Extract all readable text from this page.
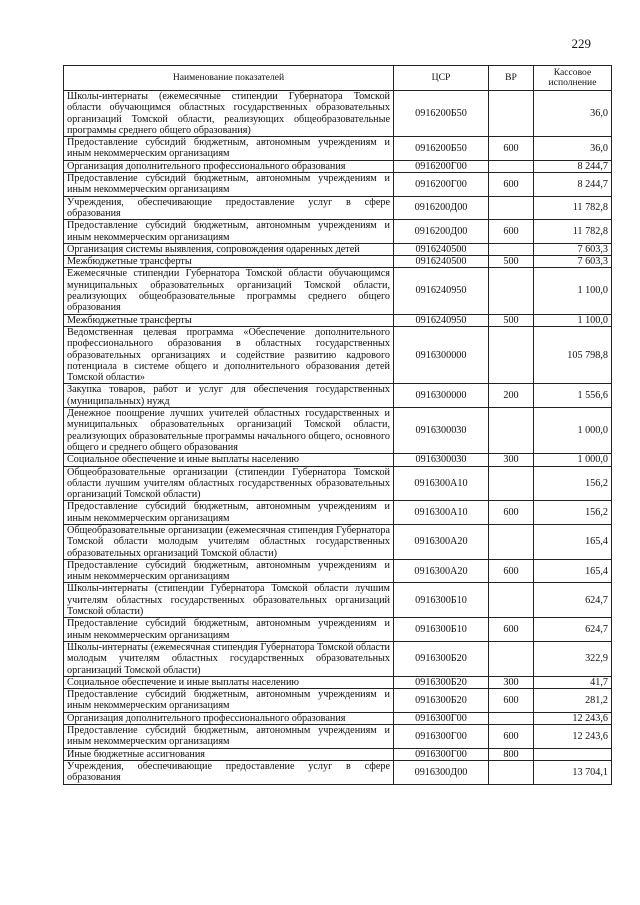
229
Наименование показателей	ЦСР	ВР	Кассовое исполнение
Школы-интернаты (ежемесячные стипендии Губернатора Томской области обучающимся областных государственных образовательных организаций Томской области, реализующих общеобразовательные программы среднего общего образования)	0916200Б50		36,0
Предоставление субсидий бюджетным, автономным учреждениям и иным некоммерческим организациям	0916200Б50	600	36,0
Организация дополнительного профессионального образования	0916200Г00		8 244,7
Предоставление субсидий бюджетным, автономным учреждениям и иным некоммерческим организациям	0916200Г00	600	8 244,7
Учреждения, обеспечивающие предоставление услуг в сфере образования	0916200Д00		11 782,8
Предоставление субсидий бюджетным, автономным учреждениям и иным некоммерческим организациям	0916200Д00	600	11 782,8
Организация системы выявления, сопровождения одаренных детей	0916240500		7 603,3
Межбюджетные трансферты	0916240500	500	7 603,3
Ежемесячные стипендии Губернатора Томской области обучающимся муниципальных образовательных организаций Томской области, реализующих общеобразовательные программы среднего общего образования	0916240950		1 100,0
Межбюджетные трансферты	0916240950	500	1 100,0
Ведомственная целевая программа «Обеспечение дополнительного профессионального образования в областных государственных образовательных организациях и содействие развитию кадрового потенциала в системе общего и дополнительного образования детей Томской области»	0916300000		105 798,8
Закупка товаров, работ и услуг для обеспечения государственных (муниципальных) нужд	0916300000	200	1 556,6
Денежное поощрение лучших учителей областных государственных и муниципальных образовательных организаций Томской области, реализующих образовательные программы начального общего, основного общего и среднего общего образования	0916300030		1 000,0
Социальное обеспечение и иные выплаты населению	0916300030	300	1 000,0
Общеобразовательные организации (стипендии Губернатора Томской области лучшим учителям областных государственных образовательных организаций Томской области)	0916300А10		156,2
Предоставление субсидий бюджетным, автономным учреждениям и иным некоммерческим организациям	0916300А10	600	156,2
Общеобразовательные организации (ежемесячная стипендия Губернатора Томской области молодым учителям областных государственных образовательных организаций Томской области)	0916300А20		165,4
Предоставление субсидий бюджетным, автономным учреждениям и иным некоммерческим организациям	0916300А20	600	165,4
Школы-интернаты (стипендии Губернатора Томской области лучшим учителям областных государственных образовательных организаций Томской области)	0916300Б10		624,7
Предоставление субсидий бюджетным, автономным учреждениям и иным некоммерческим организациям	0916300Б10	600	624,7
Школы-интернаты (ежемесячная стипендия Губернатора Томской области молодым учителям областных государственных образовательных организаций Томской области)	0916300Б20		322,9
Социальное обеспечение и иные выплаты населению	0916300Б20	300	41,7
Предоставление субсидий бюджетным, автономным учреждениям и иным некоммерческим организациям	0916300Б20	600	281,2
Организация дополнительного профессионального образования	0916300Г00		12 243,6
Предоставление субсидий бюджетным, автономным учреждениям и иным некоммерческим организациям	0916300Г00	600	12 243,6
Иные бюджетные ассигнования	0916300Г00	800	
Учреждения, обеспечивающие предоставление услуг в сфере образования	0916300Д00		13 704,1
